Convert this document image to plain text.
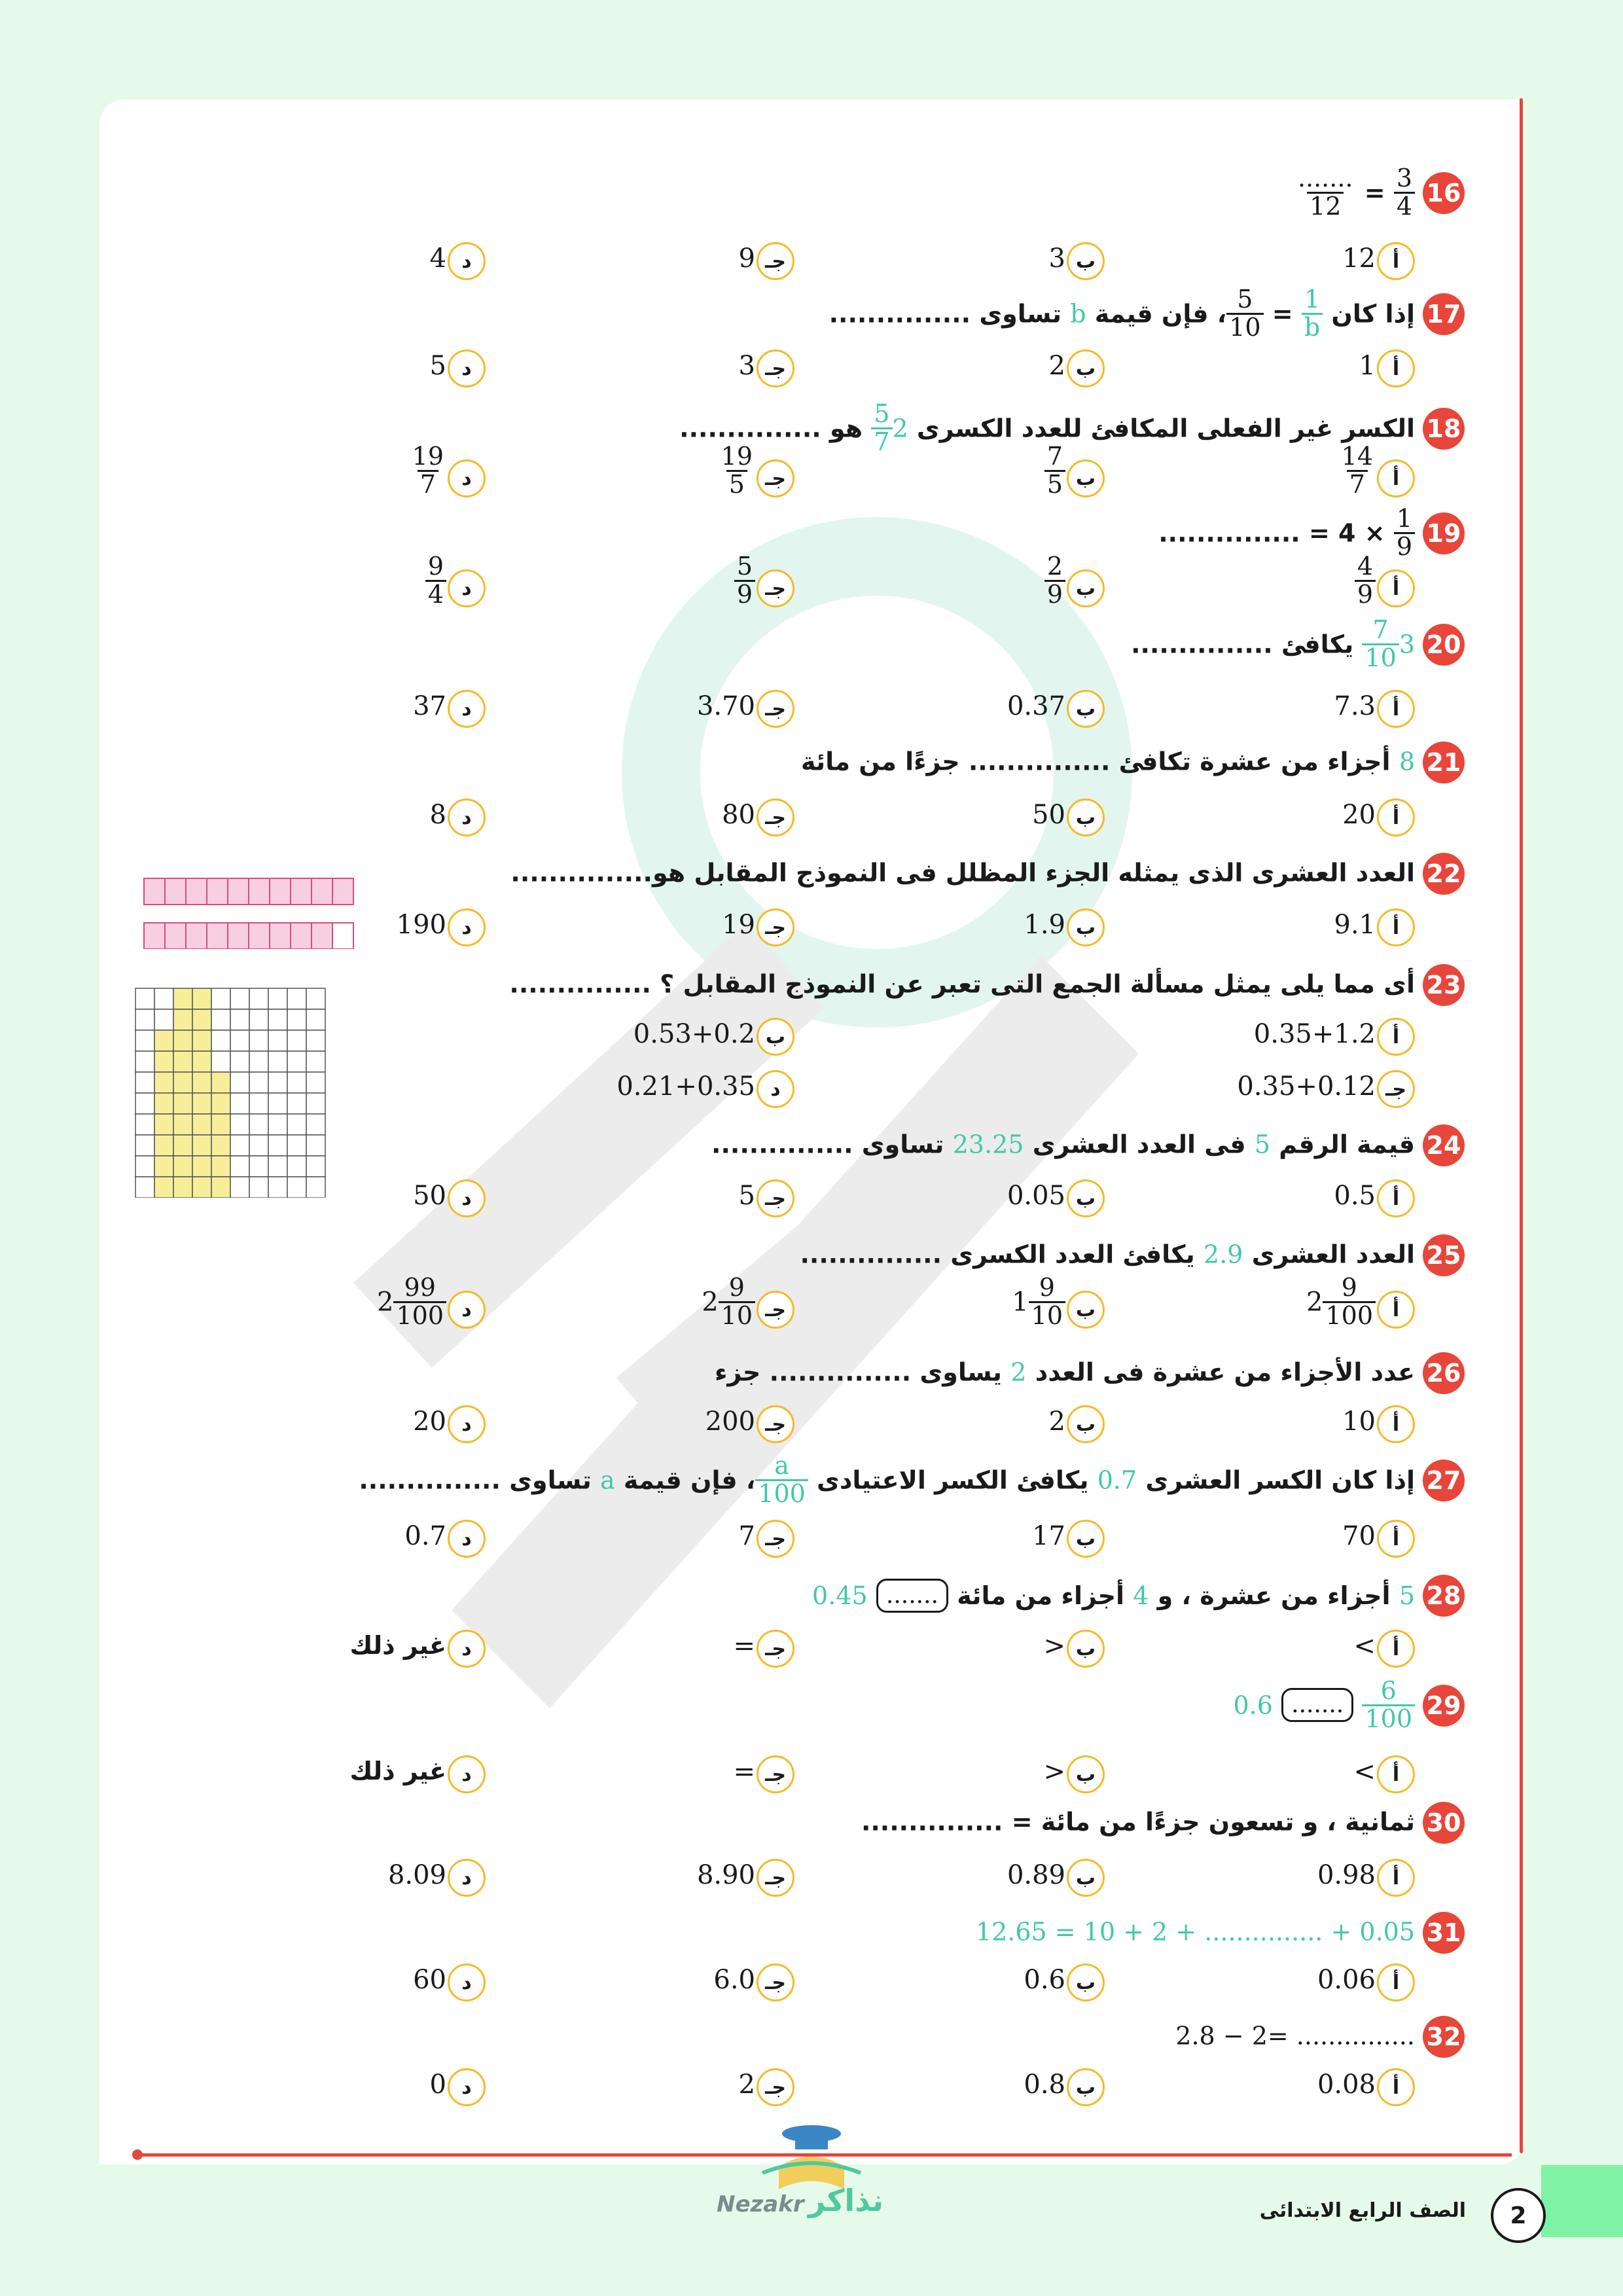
16
$\frac{3}{4}$
=
$\frac{.......}{12}$
أ
12
ب
3
جـ
9
د
4
17
إذا كان
$\frac{1}{b}$
=
$\frac{5}{10}$
، فإن قيمة b تساوى ...............
أ
1
ب
2
جـ
3
د
5
18
الكسر غير الفعلى المكافئ للعدد الكسرى 2
$\frac{5}{7}$
هو ...............
أ
$\frac{14}{7}$
ب
$\frac{7}{5}$
جـ
$\frac{19}{5}$
د
$\frac{19}{7}$
19
$\frac{1}{9}$
× 4 = ...............
أ
$\frac{4}{9}$
ب
$\frac{2}{9}$
جـ
$\frac{5}{9}$
د
$\frac{9}{4}$
20
3
$\frac{7}{10}$
يكافئ ...............
أ
7.3
ب
0.37
جـ
3.70
د
37
21
8 أجزاء من عشرة تكافئ ............... جزءًا من مائة
أ
20
ب
50
جـ
80
د
8
22
العدد العشرى الذى يمثله الجزء المظلل فى النموذج المقابل هو...............
أ
9.1
ب
1.9
جـ
19
د
190
23
أى مما يلى يمثل مسألة الجمع التى تعبر عن النموذج المقابل ؟ ...............
أ
0.35+1.2
ب
0.53+0.2
جـ
0.35+0.12
د
0.21+0.35
24
قيمة الرقم 5 فى العدد العشرى 23.25 تساوى ...............
أ
0.5
ب
0.05
جـ
5
د
50
25
العدد العشرى 2.9 يكافئ العدد الكسرى ...............
أ
$2 \frac{9}{100}$
ب
$1 \frac{9}{10}$
جـ
$2 \frac{9}{10}$
د
$2 \frac{99}{100}$
26
عدد الأجزاء من عشرة فى العدد 2 يساوى ............... جزء
أ
10
ب
2
جـ
200
د
20
27
إذا كان الكسر العشرى 0.7 يكافئ الكسر الاعتيادى
$\frac{a}{100}$
، فإن قيمة a تساوى ...............
أ
70
ب
17
جـ
7
د
0.7
28
5 أجزاء من عشرة ، و 4 أجزاء من مائة ....... 0.45
أ
<
ب
>
جـ
=
د
غير ذلك
29
$\frac{6}{100}$
....... 0.6
أ
<
ب
>
جـ
=
د
غير ذلك
30
ثمانية ، و تسعون جزءًا من مائة = ...............
أ
0.98
ب
0.89
جـ
8.90
د
8.09
31
12.65 = 10 + 2 + ............... + 0.05
أ
0.06
ب
0.6
جـ
6.0
د
60
32
2.8 − 2= ...............
أ
0.08
ب
0.8
جـ
2
د
0
2
الصف الرابع الابتدائى
نذاكر
Nezakr
